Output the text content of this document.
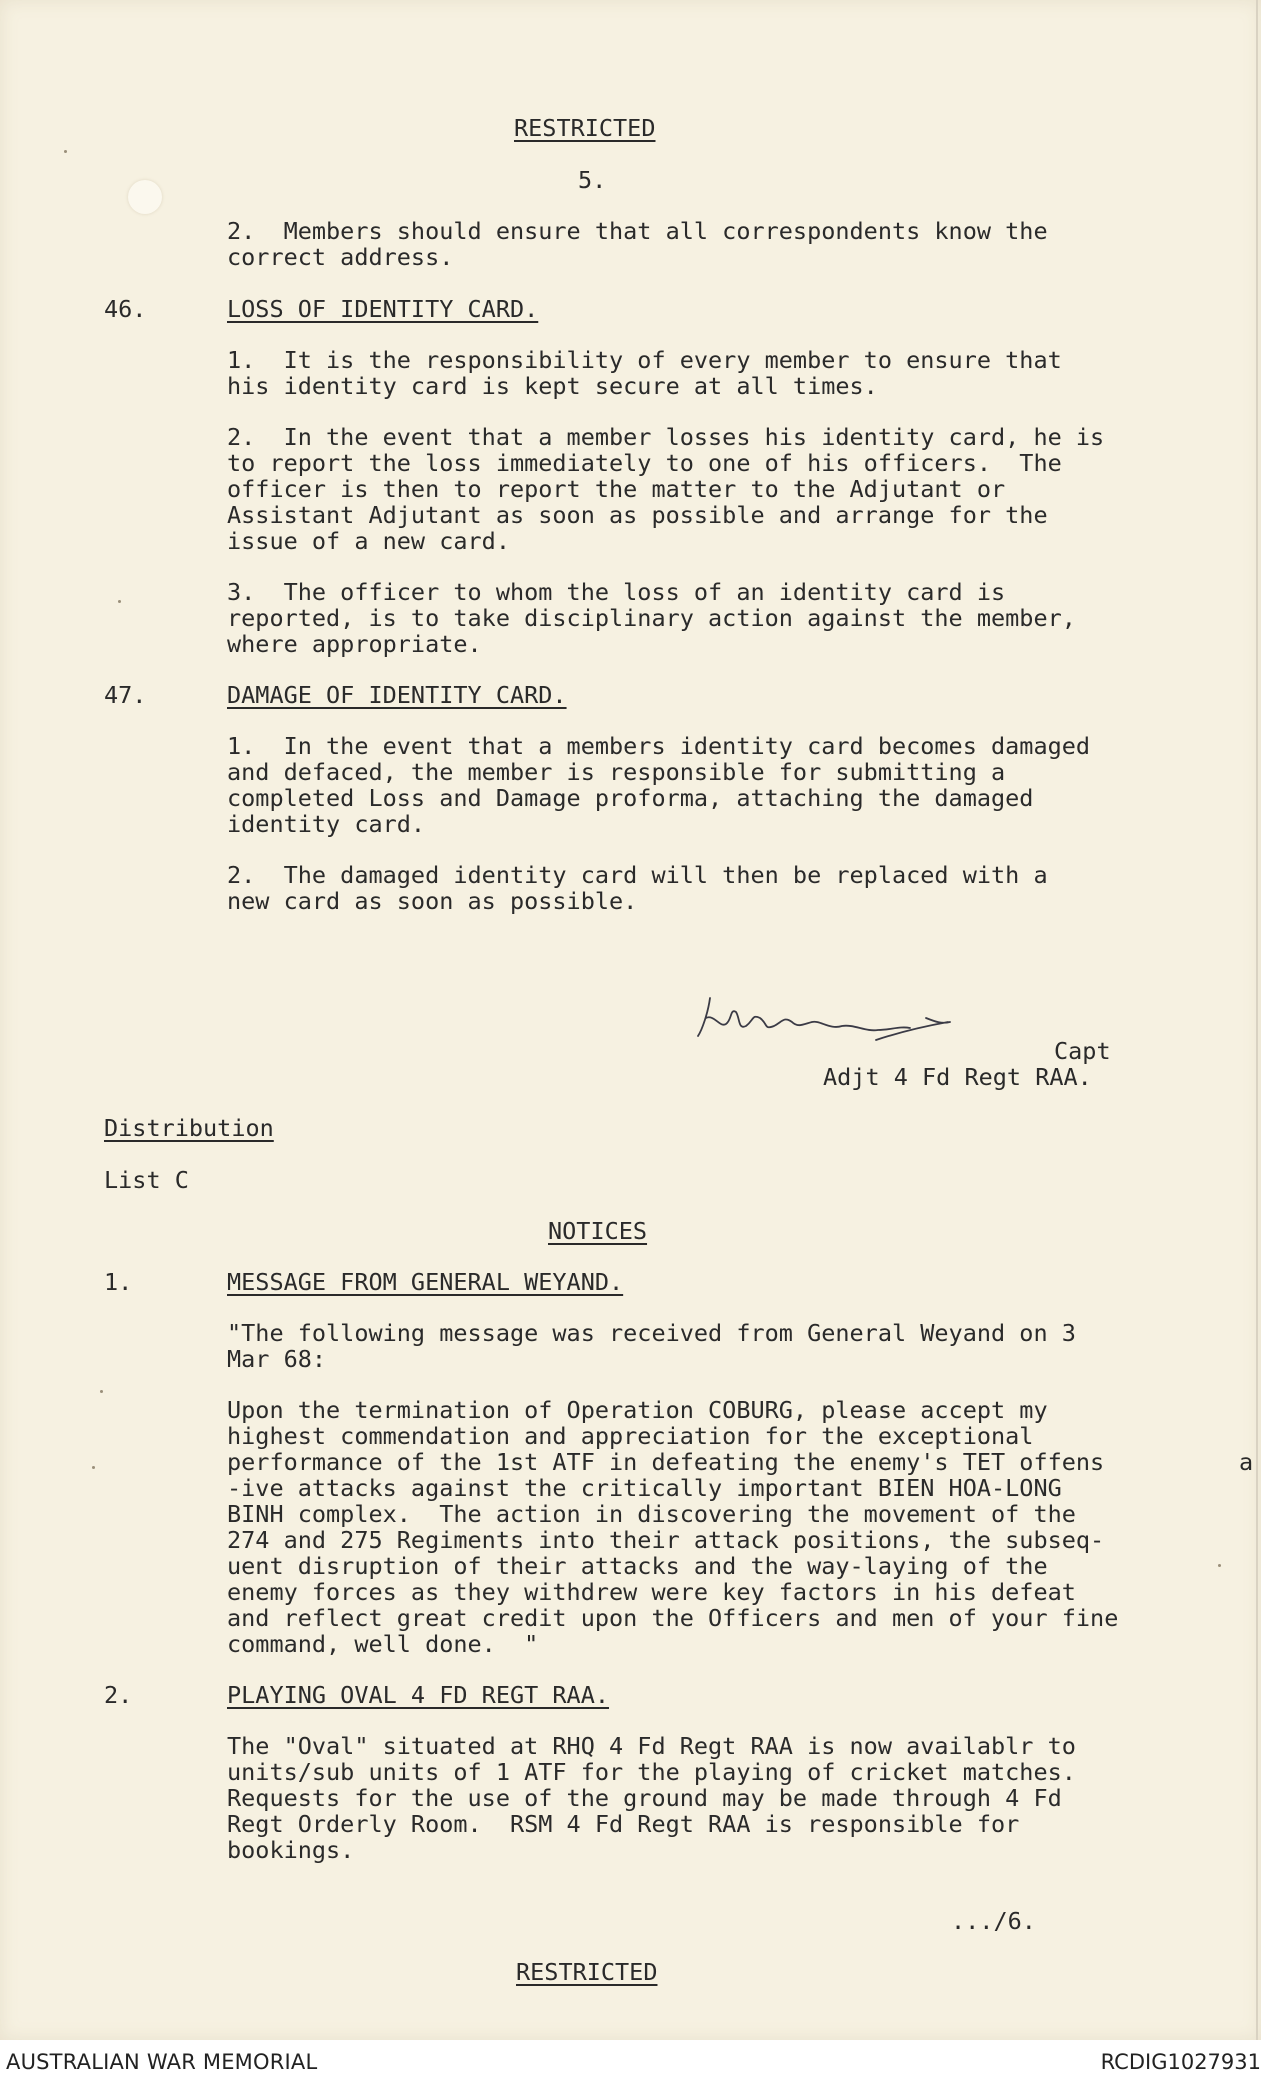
RESTRICTED
5.
2.  Members should ensure that all correspondents know the
correct address.
46.	LOSS OF IDENTITY CARD.
1.  It is the responsibility of every member to ensure that
his identity card is kept secure at all times.
2.  In the event that a member losses his identity card, he is
to report the loss immediately to one of his officers.  The
officer is then to report the matter to the Adjutant or
Assistant Adjutant as soon as possible and arrange for the
issue of a new card.
3.  The officer to whom the loss of an identity card is
reported, is to take disciplinary action against the member,
where appropriate.
47.	DAMAGE OF IDENTITY CARD.
1.  In the event that a members identity card becomes damaged
and defaced, the member is responsible for submitting a
completed Loss and Damage proforma, attaching the damaged
identity card.
2.  The damaged identity card will then be replaced with a
new card as soon as possible.
Capt
Adjt 4 Fd Regt RAA.
Distribution
List C
NOTICES
1.	MESSAGE FROM GENERAL WEYAND.
"The following message was received from General Weyand on 3
Mar 68:
Upon the termination of Operation COBURG, please accept my
highest commendation and appreciation for the exceptional
performance of the 1st ATF in defeating the enemy's TET offens	a
-ive attacks against the critically important BIEN HOA-LONG
BINH complex.  The action in discovering the movement of the
274 and 275 Regiments into their attack positions, the subseq-
uent disruption of their attacks and the way-laying of the
enemy forces as they withdrew were key factors in his defeat
and reflect great credit upon the Officers and men of your fine
command, well done.  "
2.	PLAYING OVAL 4 FD REGT RAA.
The "Oval" situated at RHQ 4 Fd Regt RAA is now availablr to
units/sub units of 1 ATF for the playing of cricket matches.
Requests for the use of the ground may be made through 4 Fd
Regt Orderly Room.  RSM 4 Fd Regt RAA is responsible for
bookings.
.../6.
RESTRICTED
AUSTRALIAN WAR MEMORIAL	RCDIG1027931
